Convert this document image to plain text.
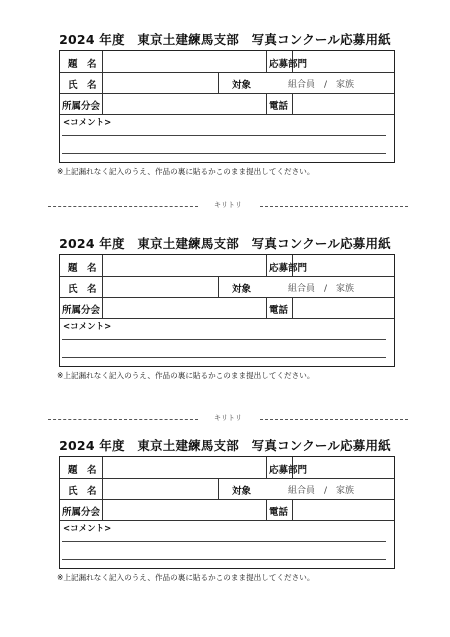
2024 年度　東京土建練馬支部　写真コンクール応募用紙
題　名	応募部門
氏　名	対象	組合員　/　家族
所属分会	電話
<コメント>
※上記漏れなく記入のうえ、作品の裏に貼るかこのまま提出してください。
キリトリ
2024 年度　東京土建練馬支部　写真コンクール応募用紙
題　名	応募部門
氏　名	対象	組合員　/　家族
所属分会	電話
<コメント>
※上記漏れなく記入のうえ、作品の裏に貼るかこのまま提出してください。
キリトリ
2024 年度　東京土建練馬支部　写真コンクール応募用紙
題　名	応募部門
氏　名	対象	組合員　/　家族
所属分会	電話
<コメント>
※上記漏れなく記入のうえ、作品の裏に貼るかこのまま提出してください。
